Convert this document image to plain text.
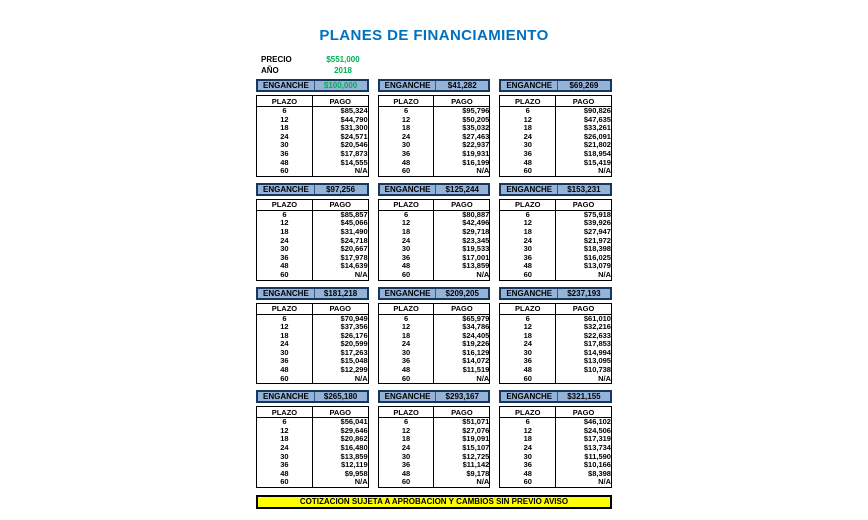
PLANES DE FINANCIAMIENTO
PRECIO	$551,000
AÑO	2018
ENGANCHE	$100,000
PLAZO	PAGO
6	$85,324
12	$44,790
18	$31,300
24	$24,571
30	$20,546
36	$17,873
48	$14,555
60	N/A
ENGANCHE	$41,282
PLAZO	PAGO
6	$95,796
12	$50,205
18	$35,032
24	$27,463
30	$22,937
36	$19,931
48	$16,199
60	N/A
ENGANCHE	$69,269
PLAZO	PAGO
6	$90,826
12	$47,635
18	$33,261
24	$26,091
30	$21,802
36	$18,954
48	$15,419
60	N/A
ENGANCHE	$97,256
PLAZO	PAGO
6	$85,857
12	$45,066
18	$31,490
24	$24,718
30	$20,667
36	$17,978
48	$14,639
60	N/A
ENGANCHE	$125,244
PLAZO	PAGO
6	$80,887
12	$42,496
18	$29,718
24	$23,345
30	$19,533
36	$17,001
48	$13,859
60	N/A
ENGANCHE	$153,231
PLAZO	PAGO
6	$75,918
12	$39,926
18	$27,947
24	$21,972
30	$18,398
36	$16,025
48	$13,079
60	N/A
ENGANCHE	$181,218
PLAZO	PAGO
6	$70,949
12	$37,356
18	$26,176
24	$20,599
30	$17,263
36	$15,048
48	$12,299
60	N/A
ENGANCHE	$209,205
PLAZO	PAGO
6	$65,979
12	$34,786
18	$24,405
24	$19,226
30	$16,129
36	$14,072
48	$11,519
60	N/A
ENGANCHE	$237,193
PLAZO	PAGO
6	$61,010
12	$32,216
18	$22,633
24	$17,853
30	$14,994
36	$13,095
48	$10,738
60	N/A
ENGANCHE	$265,180
PLAZO	PAGO
6	$56,041
12	$29,646
18	$20,862
24	$16,480
30	$13,859
36	$12,119
48	$9,958
60	N/A
ENGANCHE	$293,167
PLAZO	PAGO
6	$51,071
12	$27,076
18	$19,091
24	$15,107
30	$12,725
36	$11,142
48	$9,178
60	N/A
ENGANCHE	$321,155
PLAZO	PAGO
6	$46,102
12	$24,506
18	$17,319
24	$13,734
30	$11,590
36	$10,166
48	$8,398
60	N/A
COTIZACION SUJETA A APROBACION Y CAMBIOS SIN PREVIO AVISO
